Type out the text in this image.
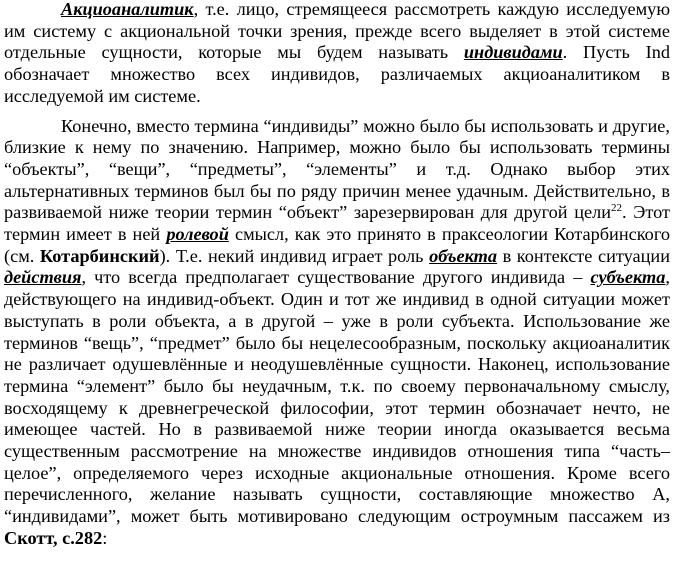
Акциоаналитик, т.е. лицо, стремящееся рассмотреть каждую исследуемую им систему с акциональной точки зрения, прежде всего выделяет в этой системе отдельные сущности, которые мы будем называть индивидами. Пусть Ind обозначает множество всех индивидов, различаемых акциоаналитиком в исследуемой им системе.

Конечно, вместо термина “индивиды” можно было бы использовать и другие, близкие к нему по значению. Например, можно было бы использовать термины “объекты”, “вещи”, “предметы”, “элементы” и т.д. Однако выбор этих альтернативных терминов был бы по ряду причин менее удачным. Действительно, в развиваемой ниже теории термин “объект” зарезервирован для другой цели$^{22}$. Этот термин имеет в ней ролевой смысл, как это принято в праксеологии Котарбинского (см. Котарбинский). Т.е. некий индивид играет роль объекта в контексте ситуации действия, что всегда предполагает существование другого индивида – субъекта, действующего на индивид-объект. Один и тот же индивид в одной ситуации может выступать в роли объекта, а в другой – уже в роли субъекта. Использование же терминов “вещь”, “предмет” было бы нецелесообразным, поскольку акциоаналитик не различает одушевлённые и неодушевлённые сущности. Наконец, использование термина “элемент” было бы неудачным, т.к. по своему первоначальному смыслу, восходящему к древнегреческой философии, этот термин обозначает нечто, не имеющее частей. Но в развиваемой ниже теории иногда оказывается весьма существенным рассмотрение на множестве индивидов отношения типа “часть–целое”, определяемого через исходные акциональные отношения. Кроме всего перечисленного, желание называть сущности, составляющие множество A, “индивидами”, может быть мотивировано следующим остроумным пассажем из Скотт, с.282:
